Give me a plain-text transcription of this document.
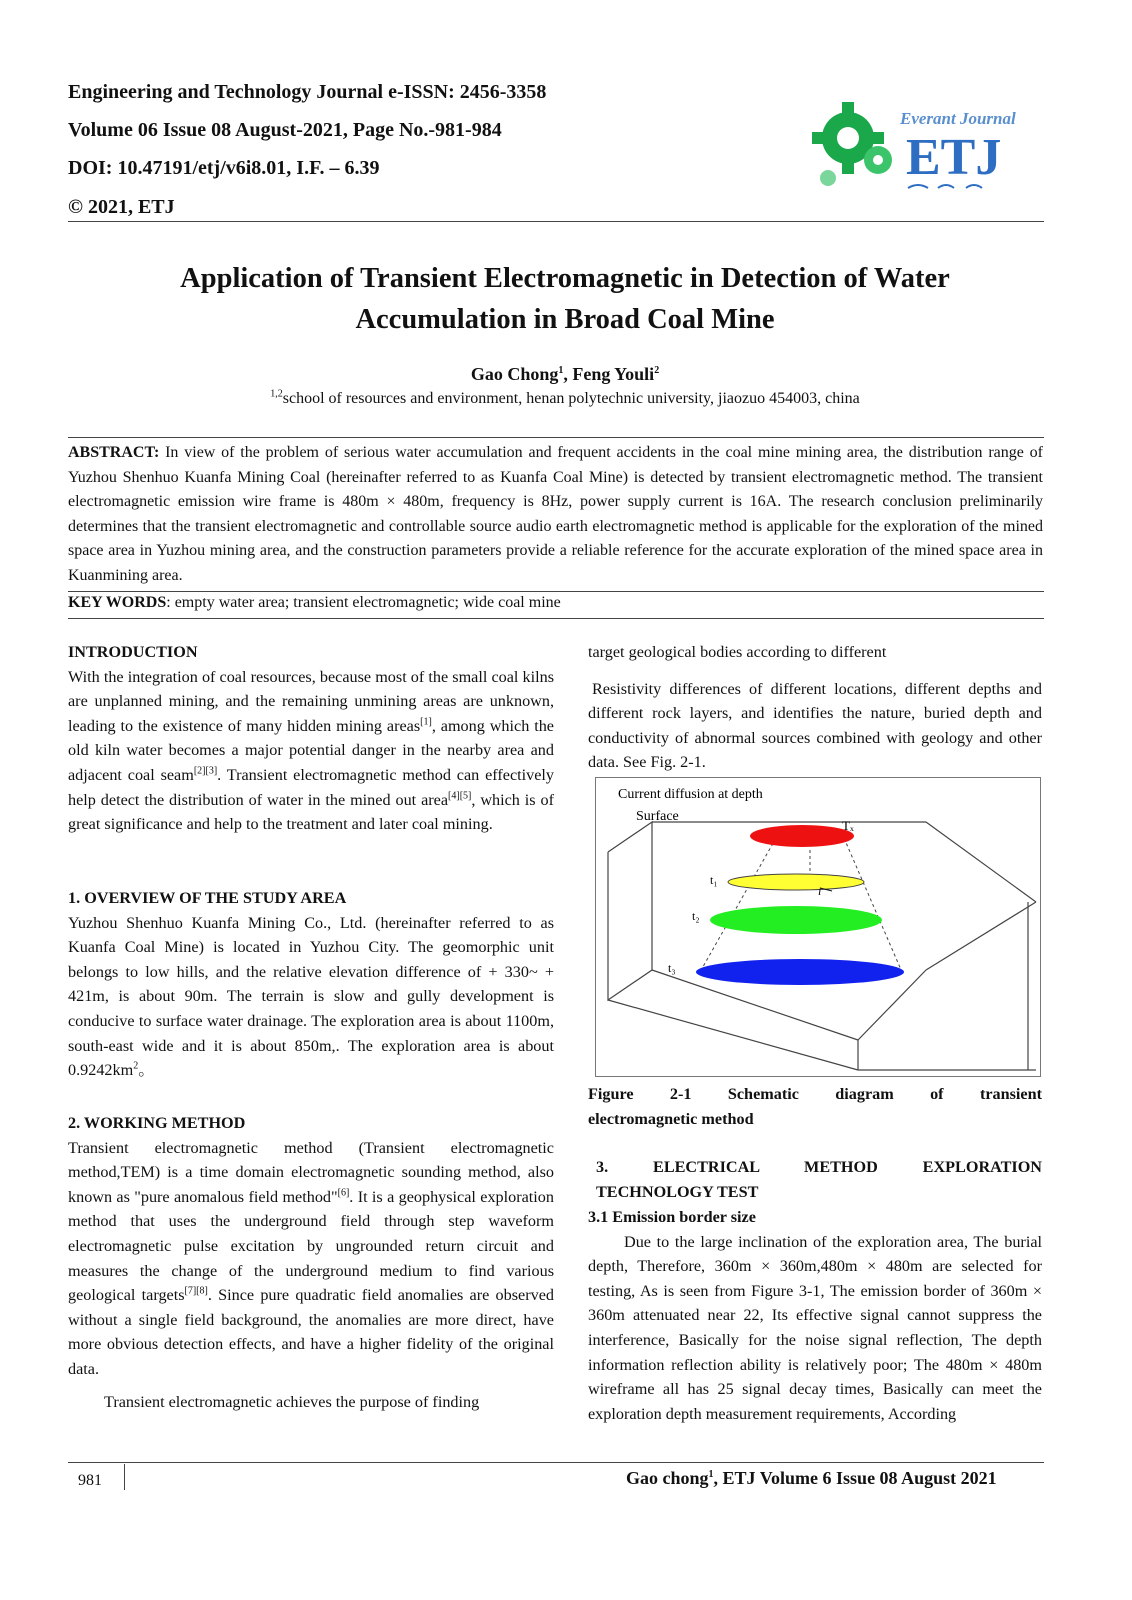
Engineering and Technology Journal e-ISSN: 2456-3358
Volume 06 Issue 08 August-2021, Page No.-981-984
DOI: 10.47191/etj/v6i8.01, I.F. – 6.39
© 2021, ETJ
Everant Journal
ETJ
Application of Transient Electromagnetic in Detection of Water
Accumulation in Broad Coal Mine
Gao Chong$^1$, Feng Youli$^2$
$^{1,2}$school of resources and environment, henan polytechnic university, jiaozuo 454003, china
ABSTRACT: In view of the problem of serious water accumulation and frequent accidents in the coal mine mining area, the distribution range of Yuzhou Shenhuo Kuanfa Mining Coal (hereinafter referred to as Kuanfa Coal Mine) is detected by transient electromagnetic method. The transient electromagnetic emission wire frame is 480m × 480m, frequency is 8Hz, power supply current is 16A. The research conclusion preliminarily determines that the transient electromagnetic and controllable source audio earth electromagnetic method is applicable for the exploration of the mined space area in Yuzhou mining area, and the construction parameters provide a reliable reference for the accurate exploration of the mined space area in Kuanmining area.
KEY WORDS: empty water area; transient electromagnetic; wide coal mine

INTRODUCTION

With the integration of coal resources, because most of the small coal kilns are unplanned mining, and the remaining unmining areas are unknown, leading to the existence of many hidden mining areas[1], among which the old kiln water becomes a major potential danger in the nearby area and adjacent coal seam[2][3]. Transient electromagnetic method can effectively help detect the distribution of water in the mined out area[4][5], which is of great significance and help to the treatment and later coal mining.

1. OVERVIEW OF THE STUDY AREA

Yuzhou Shenhuo Kuanfa Mining Co., Ltd. (hereinafter referred to as Kuanfa Coal Mine) is located in Yuzhou City. The geomorphic unit belongs to low hills, and the relative elevation difference of + 330~ + 421m, is about 90m. The terrain is slow and gully development is conducive to surface water drainage. The exploration area is about 1100m, south-east wide and it is about 850m,. The exploration area is about $0.9242km^2$。

2. WORKING METHOD

Transient electromagnetic method (Transient electromagnetic method,TEM) is a time domain electromagnetic sounding method, also known as "pure anomalous field method"[6]. It is a geophysical exploration method that uses the underground field through step waveform electromagnetic pulse excitation by ungrounded return circuit and measures the change of the underground medium to find various geological targets[7][8]. Since pure quadratic field anomalies are observed without a single field background, the anomalies are more direct, have more obvious detection effects, and have a higher fidelity of the original data.

Transient electromagnetic achieves the purpose of finding

target geological bodies according to different

Resistivity differences of different locations, different depths and different rock layers, and identifies the nature, buried depth and conductivity of abnormal sources combined with geology and other data. See Fig. 2-1.

Current diffusion at depth
Surface
Tₓ
t₁
t₂
t₃
i
Figure 2-1 Schematic diagram of transient
electromagnetic method
3. ELECTRICAL METHOD EXPLORATION
TECHNOLOGY TEST

3.1 Emission border size

Due to the large inclination of the exploration area, The burial depth, Therefore, 360m × 360m,480m × 480m are selected for testing, As is seen from Figure 3-1, The emission border of 360m × 360m attenuated near 22, Its effective signal cannot suppress the interference, Basically for the noise signal reflection, The depth information reflection ability is relatively poor; The 480m × 480m wireframe all has 25 signal decay times, Basically can meet the exploration depth measurement requirements, According

981	Gao chong$^1$, ETJ Volume 6 Issue 08 August 2021
